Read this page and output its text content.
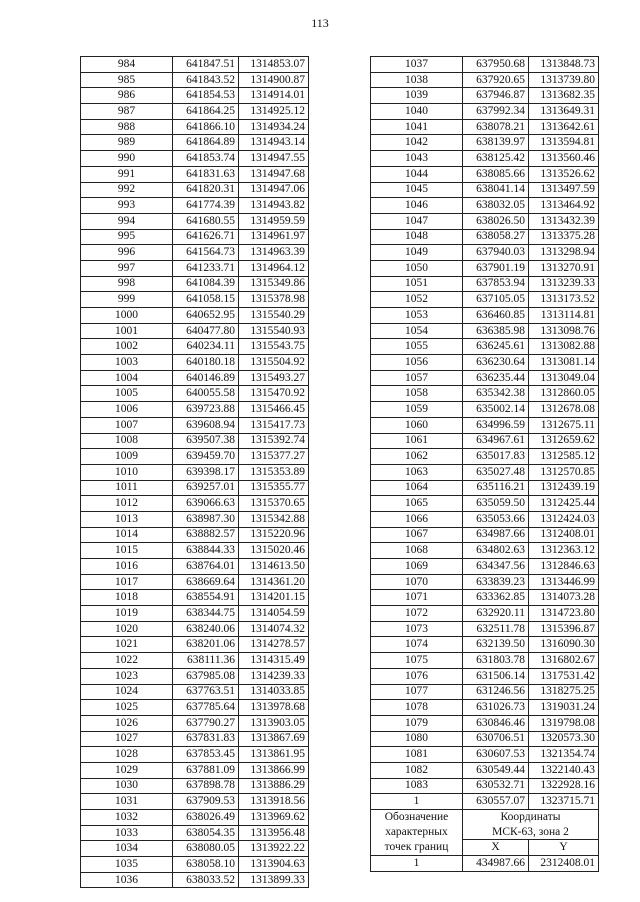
113
984	641847.51	1314853.07
985	641843.52	1314900.87
986	641854.53	1314914.01
987	641864.25	1314925.12
988	641866.10	1314934.24
989	641864.89	1314943.14
990	641853.74	1314947.55
991	641831.63	1314947.68
992	641820.31	1314947.06
993	641774.39	1314943.82
994	641680.55	1314959.59
995	641626.71	1314961.97
996	641564.73	1314963.39
997	641233.71	1314964.12
998	641084.39	1315349.86
999	641058.15	1315378.98
1000	640652.95	1315540.29
1001	640477.80	1315540.93
1002	640234.11	1315543.75
1003	640180.18	1315504.92
1004	640146.89	1315493.27
1005	640055.58	1315470.92
1006	639723.88	1315466.45
1007	639608.94	1315417.73
1008	639507.38	1315392.74
1009	639459.70	1315377.27
1010	639398.17	1315353.89
1011	639257.01	1315355.77
1012	639066.63	1315370.65
1013	638987.30	1315342.88
1014	638882.57	1315220.96
1015	638844.33	1315020.46
1016	638764.01	1314613.50
1017	638669.64	1314361.20
1018	638554.91	1314201.15
1019	638344.75	1314054.59
1020	638240.06	1314074.32
1021	638201.06	1314278.57
1022	638111.36	1314315.49
1023	637985.08	1314239.33
1024	637763.51	1314033.85
1025	637785.64	1313978.68
1026	637790.27	1313903.05
1027	637831.83	1313867.69
1028	637853.45	1313861.95
1029	637881.09	1313866.99
1030	637898.78	1313886.29
1031	637909.53	1313918.56
1032	638026.49	1313969.62
1033	638054.35	1313956.48
1034	638080.05	1313922.22
1035	638058.10	1313904.63
1036	638033.52	1313899.33
1037	637950.68	1313848.73
1038	637920.65	1313739.80
1039	637946.87	1313682.35
1040	637992.34	1313649.31
1041	638078.21	1313642.61
1042	638139.97	1313594.81
1043	638125.42	1313560.46
1044	638085.66	1313526.62
1045	638041.14	1313497.59
1046	638032.05	1313464.92
1047	638026.50	1313432.39
1048	638058.27	1313375.28
1049	637940.03	1313298.94
1050	637901.19	1313270.91
1051	637853.94	1313239.33
1052	637105.05	1313173.52
1053	636460.85	1313114.81
1054	636385.98	1313098.76
1055	636245.61	1313082.88
1056	636230.64	1313081.14
1057	636235.44	1313049.04
1058	635342.38	1312860.05
1059	635002.14	1312678.08
1060	634996.59	1312675.11
1061	634967.61	1312659.62
1062	635017.83	1312585.12
1063	635027.48	1312570.85
1064	635116.21	1312439.19
1065	635059.50	1312425.44
1066	635053.66	1312424.03
1067	634987.66	1312408.01
1068	634802.63	1312363.12
1069	634347.56	1312846.63
1070	633839.23	1313446.99
1071	633362.85	1314073.28
1072	632920.11	1314723.80
1073	632511.78	1315396.87
1074	632139.50	1316090.30
1075	631803.78	1316802.67
1076	631506.14	1317531.42
1077	631246.56	1318275.25
1078	631026.73	1319031.24
1079	630846.46	1319798.08
1080	630706.51	1320573.30
1081	630607.53	1321354.74
1082	630549.44	1322140.43
1083	630532.71	1322928.16
1	630557.07	1323715.71
Обозначение	Координаты	
характерных	МСК-63, зона 2	
точек границ	X	Y
1	434987.66	2312408.01
